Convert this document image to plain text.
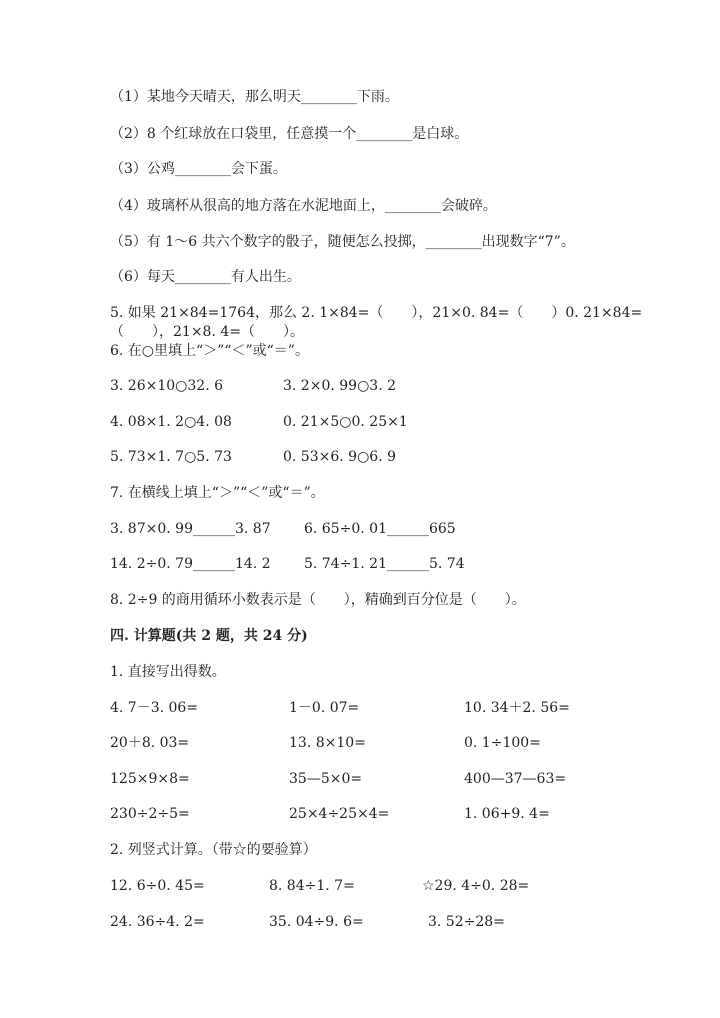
（1）某地今天晴天，那么明天________下雨。
（2）8 个红球放在口袋里，任意摸一个________是白球。
（3）公鸡________会下蛋。
（4）玻璃杯从很高的地方落在水泥地面上，________会破碎。
（5）有 1～6 共六个数字的骰子，随便怎么投掷，________出现数字“7”。
（6）每天________有人出生。
5. 如果 21×84=1764，那么 2. 1×84=（　　），21×0. 84=（　　）0. 21×84=
（　　），21×8. 4=（　　）。
6. 在○里填上“＞”“＜”或“＝”。
3. 26×10○32. 6	3. 2×0. 99○3. 2
4. 08×1. 2○4. 08	0. 21×5○0. 25×1
5. 73×1. 7○5. 73	0. 53×6. 9○6. 9
7. 在横线上填上“＞”“＜”或“＝”。
3. 87×0. 99______3. 87 6. 65÷0. 01______665
14. 2÷0. 79______14. 2 5. 74÷1. 21______5. 74
8. 2÷9 的商用循环小数表示是（　　），精确到百分位是（　　）。
四. 计算题(共 2 题，共 24 分)
1. 直接写出得数。
4. 7－3. 06=	1－0. 07=	10. 34＋2. 56=
20＋8. 03=	13. 8×10=	0. 1÷100=
125×9×8=	35—5×0=	400—37—63=
230÷2÷5=	25×4÷25×4=	1. 06+9. 4=
2. 列竖式计算。（带☆的要验算）
12. 6÷0. 45=	8. 84÷1. 7=	☆29. 4÷0. 28=
24. 36÷4. 2=	35. 04÷9. 6=	3. 52÷28=
